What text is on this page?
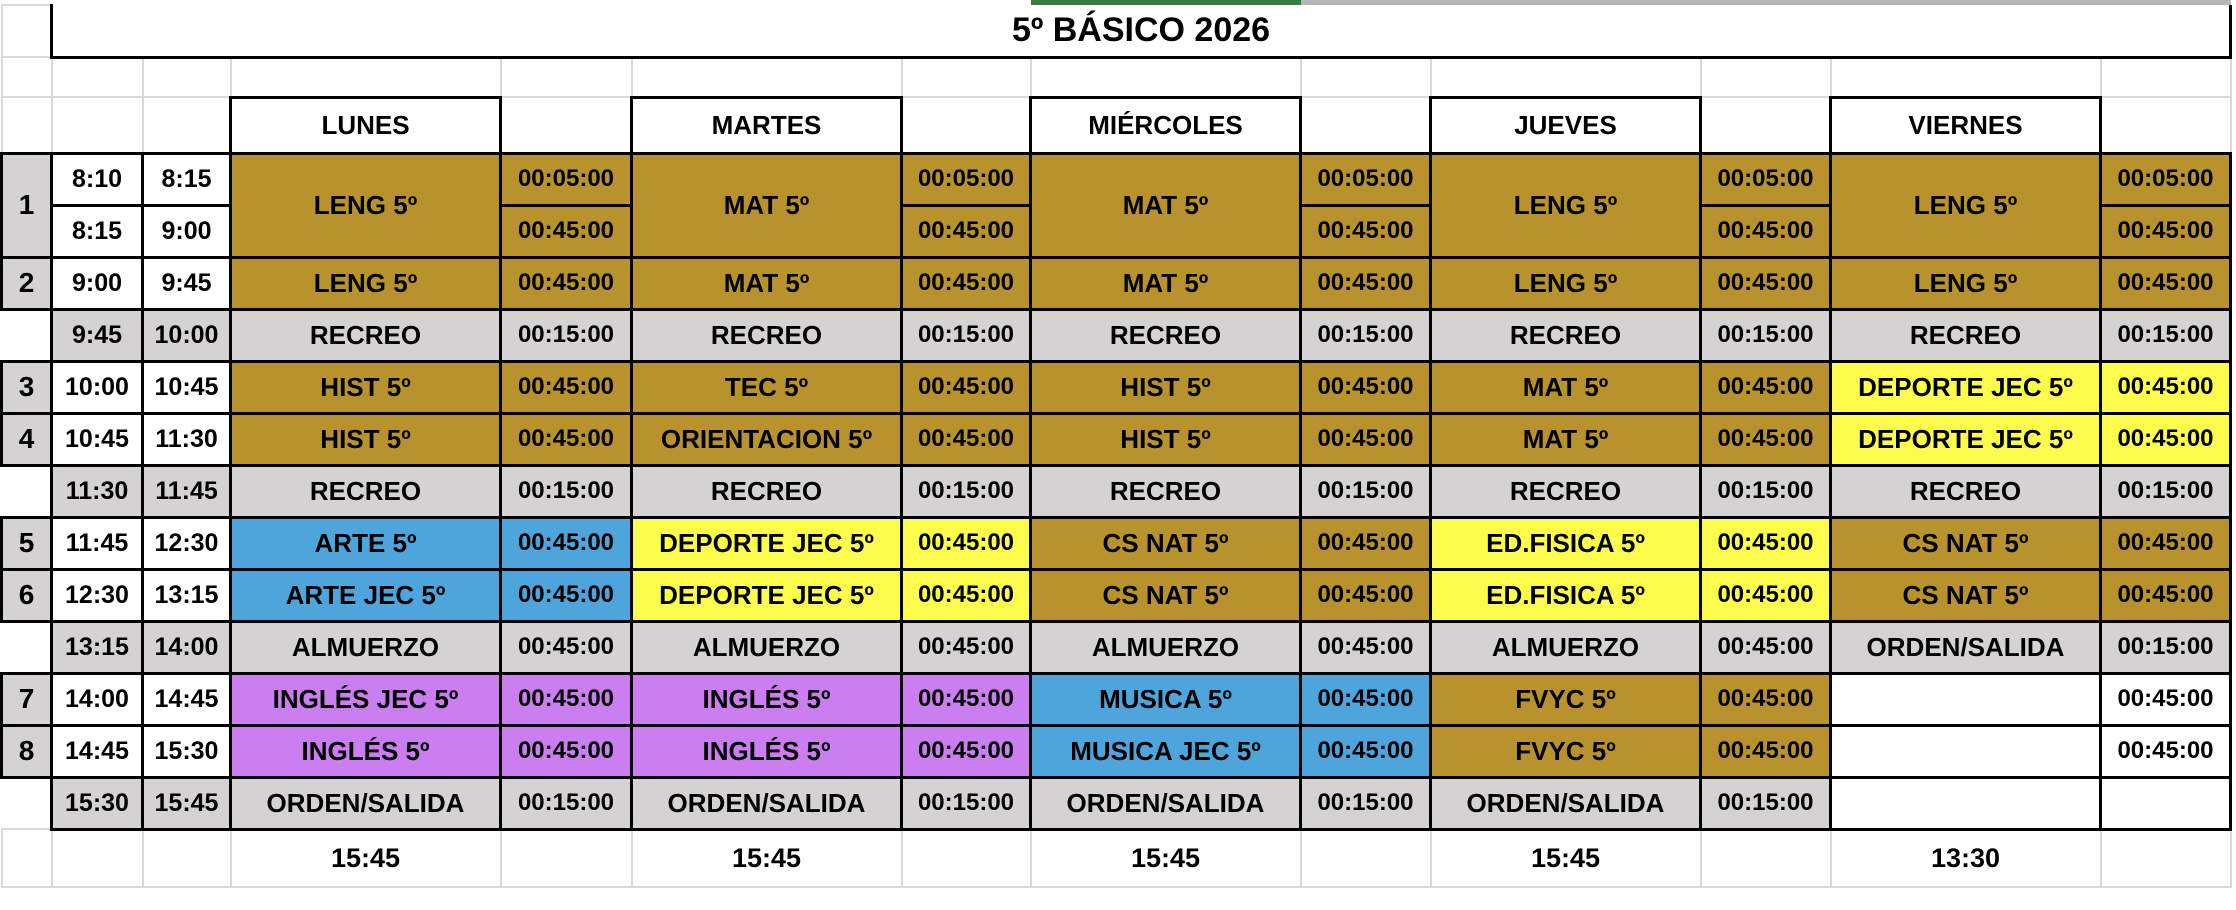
	5º BÁSICO 2026												

			LUNES		MARTES		MIÉRCOLES		JUEVES		VIERNES		
1	8:10	8:15	LENG 5º	00:05:00	MAT 5º	00:05:00	MAT 5º	00:05:00	LENG 5º	00:05:00	LENG 5º	00:05:00	
	8:15	9:00		00:45:00		00:45:00		00:45:00		00:45:00		00:45:00	
2	9:00	9:45	LENG 5º	00:45:00	MAT 5º	00:45:00	MAT 5º	00:45:00	LENG 5º	00:45:00	LENG 5º	00:45:00	
	9:45	10:00	RECREO	00:15:00	RECREO	00:15:00	RECREO	00:15:00	RECREO	00:15:00	RECREO	00:15:00	
3	10:00	10:45	HIST 5º	00:45:00	TEC 5º	00:45:00	HIST 5º	00:45:00	MAT 5º	00:45:00	DEPORTE JEC 5º	00:45:00	
4	10:45	11:30	HIST 5º	00:45:00	ORIENTACION 5º	00:45:00	HIST 5º	00:45:00	MAT 5º	00:45:00	DEPORTE JEC 5º	00:45:00	
	11:30	11:45	RECREO	00:15:00	RECREO	00:15:00	RECREO	00:15:00	RECREO	00:15:00	RECREO	00:15:00	
5	11:45	12:30	ARTE 5º	00:45:00	DEPORTE JEC 5º	00:45:00	CS NAT 5º	00:45:00	ED.FISICA 5º	00:45:00	CS NAT 5º	00:45:00	
6	12:30	13:15	ARTE JEC 5º	00:45:00	DEPORTE JEC 5º	00:45:00	CS NAT 5º	00:45:00	ED.FISICA 5º	00:45:00	CS NAT 5º	00:45:00	
	13:15	14:00	ALMUERZO	00:45:00	ALMUERZO	00:45:00	ALMUERZO	00:45:00	ALMUERZO	00:45:00	ORDEN/SALIDA	00:15:00	
7	14:00	14:45	INGLÉS JEC 5º	00:45:00	INGLÉS 5º	00:45:00	MUSICA 5º	00:45:00	FVYC 5º	00:45:00		00:45:00	
8	14:45	15:30	INGLÉS 5º	00:45:00	INGLÉS 5º	00:45:00	MUSICA JEC 5º	00:45:00	FVYC 5º	00:45:00		00:45:00	
	15:30	15:45	ORDEN/SALIDA	00:15:00	ORDEN/SALIDA	00:15:00	ORDEN/SALIDA	00:15:00	ORDEN/SALIDA	00:15:00			
			15:45		15:45		15:45		15:45		13:30		
